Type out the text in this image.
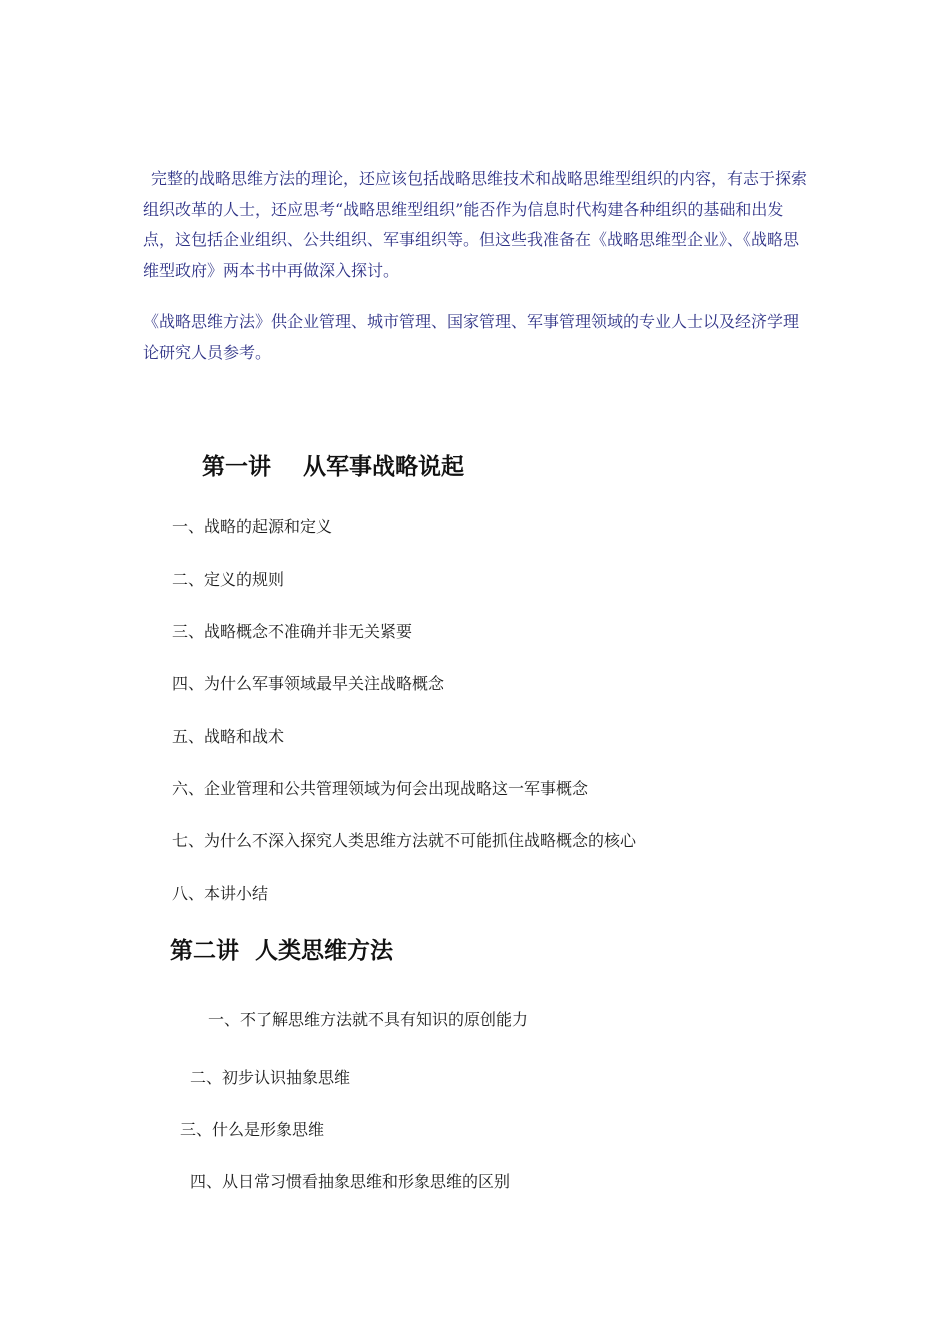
完整的战略思维方法的理论，还应该包括战略思维技术和战略思维型组织的内容，有志于探索组织改革的人士，还应思考“战略思维型组织”能否作为信息时代构建各种组织的基础和出发点，这包括企业组织、公共组织、军事组织等。但这些我准备在《战略思维型企业》、《战略思维型政府》两本书中再做深入探讨。

《战略思维方法》供企业管理、城市管理、国家管理、军事管理领域的专业人士以及经济学理论研究人员参考。

第一讲    从军事战略说起
一、战略的起源和定义
二、定义的规则
三、战略概念不准确并非无关紧要
四、为什么军事领域最早关注战略概念
五、战略和战术
六、企业管理和公共管理领域为何会出现战略这一军事概念
七、为什么不深入探究人类思维方法就不可能抓住战略概念的核心
八、本讲小结
第二讲  人类思维方法
一、不了解思维方法就不具有知识的原创能力
二、初步认识抽象思维
三、什么是形象思维
四、从日常习惯看抽象思维和形象思维的区别
